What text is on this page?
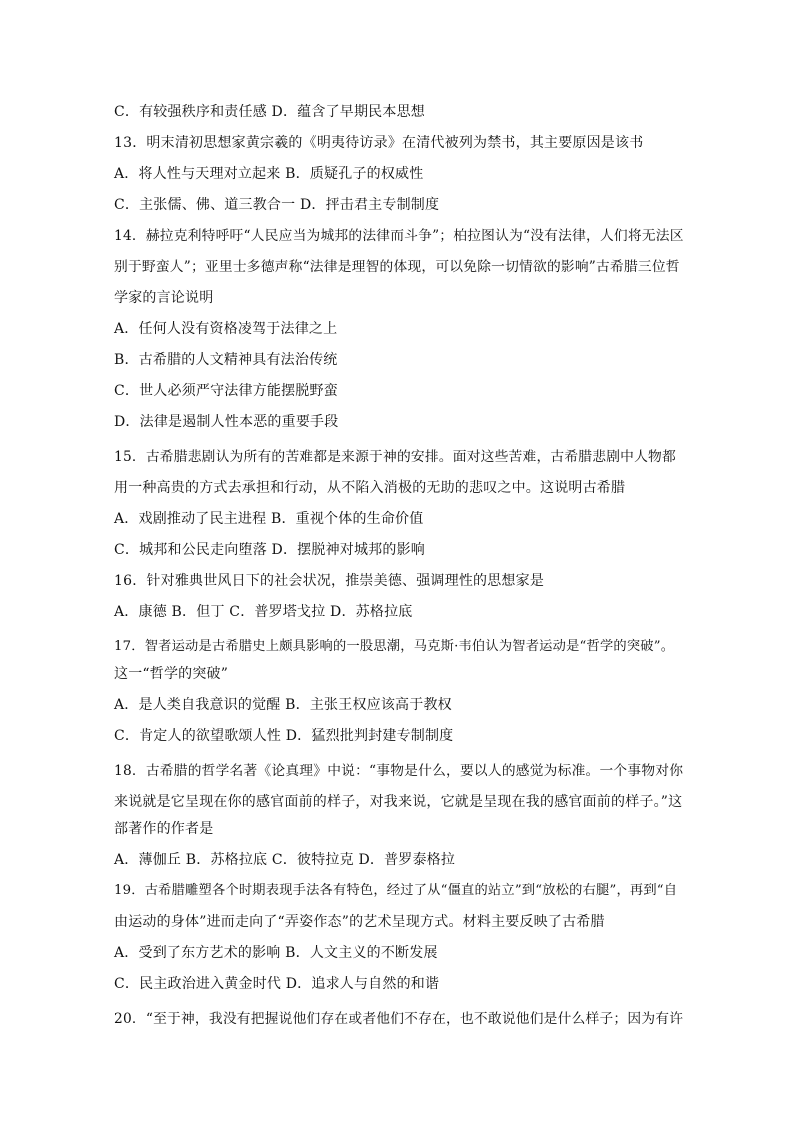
C．有较强秩序和责任感 D．蕴含了早期民本思想
13．明末清初思想家黄宗羲的《明夷待访录》在清代被列为禁书，其主要原因是该书
A．将人性与天理对立起来 B．质疑孔子的权威性
C．主张儒、佛、道三教合一 D．抨击君主专制制度
14．赫拉克利特呼吁“人民应当为城邦的法律而斗争”；柏拉图认为“没有法律，人们将无法区
别于野蛮人”；亚里士多德声称“法律是理智的体现，可以免除一切情欲的影响”古希腊三位哲
学家的言论说明
A．任何人没有资格凌驾于法律之上
B．古希腊的人文精神具有法治传统
C．世人必须严守法律方能摆脱野蛮
D．法律是遏制人性本恶的重要手段
15．古希腊悲剧认为所有的苦难都是来源于神的安排。面对这些苦难，古希腊悲剧中人物都
用一种高贵的方式去承担和行动，从不陷入消极的无助的悲叹之中。这说明古希腊
A．戏剧推动了民主进程 B．重视个体的生命价值
C．城邦和公民走向堕落 D．摆脱神对城邦的影响
16．针对雅典世风日下的社会状况，推崇美德、强调理性的思想家是
A．康德 B．但丁 C．普罗塔戈拉 D．苏格拉底
17．智者运动是古希腊史上颇具影响的一股思潮，马克斯·韦伯认为智者运动是“哲学的突破”。
这一“哲学的突破”
A．是人类自我意识的觉醒 B．主张王权应该高于教权
C．肯定人的欲望歌颂人性 D．猛烈批判封建专制制度
18．古希腊的哲学名著《论真理》中说：“事物是什么，要以人的感觉为标准。一个事物对你
来说就是它呈现在你的感官面前的样子，对我来说，它就是呈现在我的感官面前的样子。”这
部著作的作者是
A．薄伽丘 B．苏格拉底 C．彼特拉克 D．普罗泰格拉
19．古希腊雕塑各个时期表现手法各有特色，经过了从“僵直的站立”到“放松的右腿”，再到“自
由运动的身体”进而走向了“弄姿作态”的艺术呈现方式。材料主要反映了古希腊
A．受到了东方艺术的影响 B．人文主义的不断发展
C．民主政治进入黄金时代 D．追求人与自然的和谐
20．“至于神，我没有把握说他们存在或者他们不存在，也不敢说他们是什么样子；因为有许
